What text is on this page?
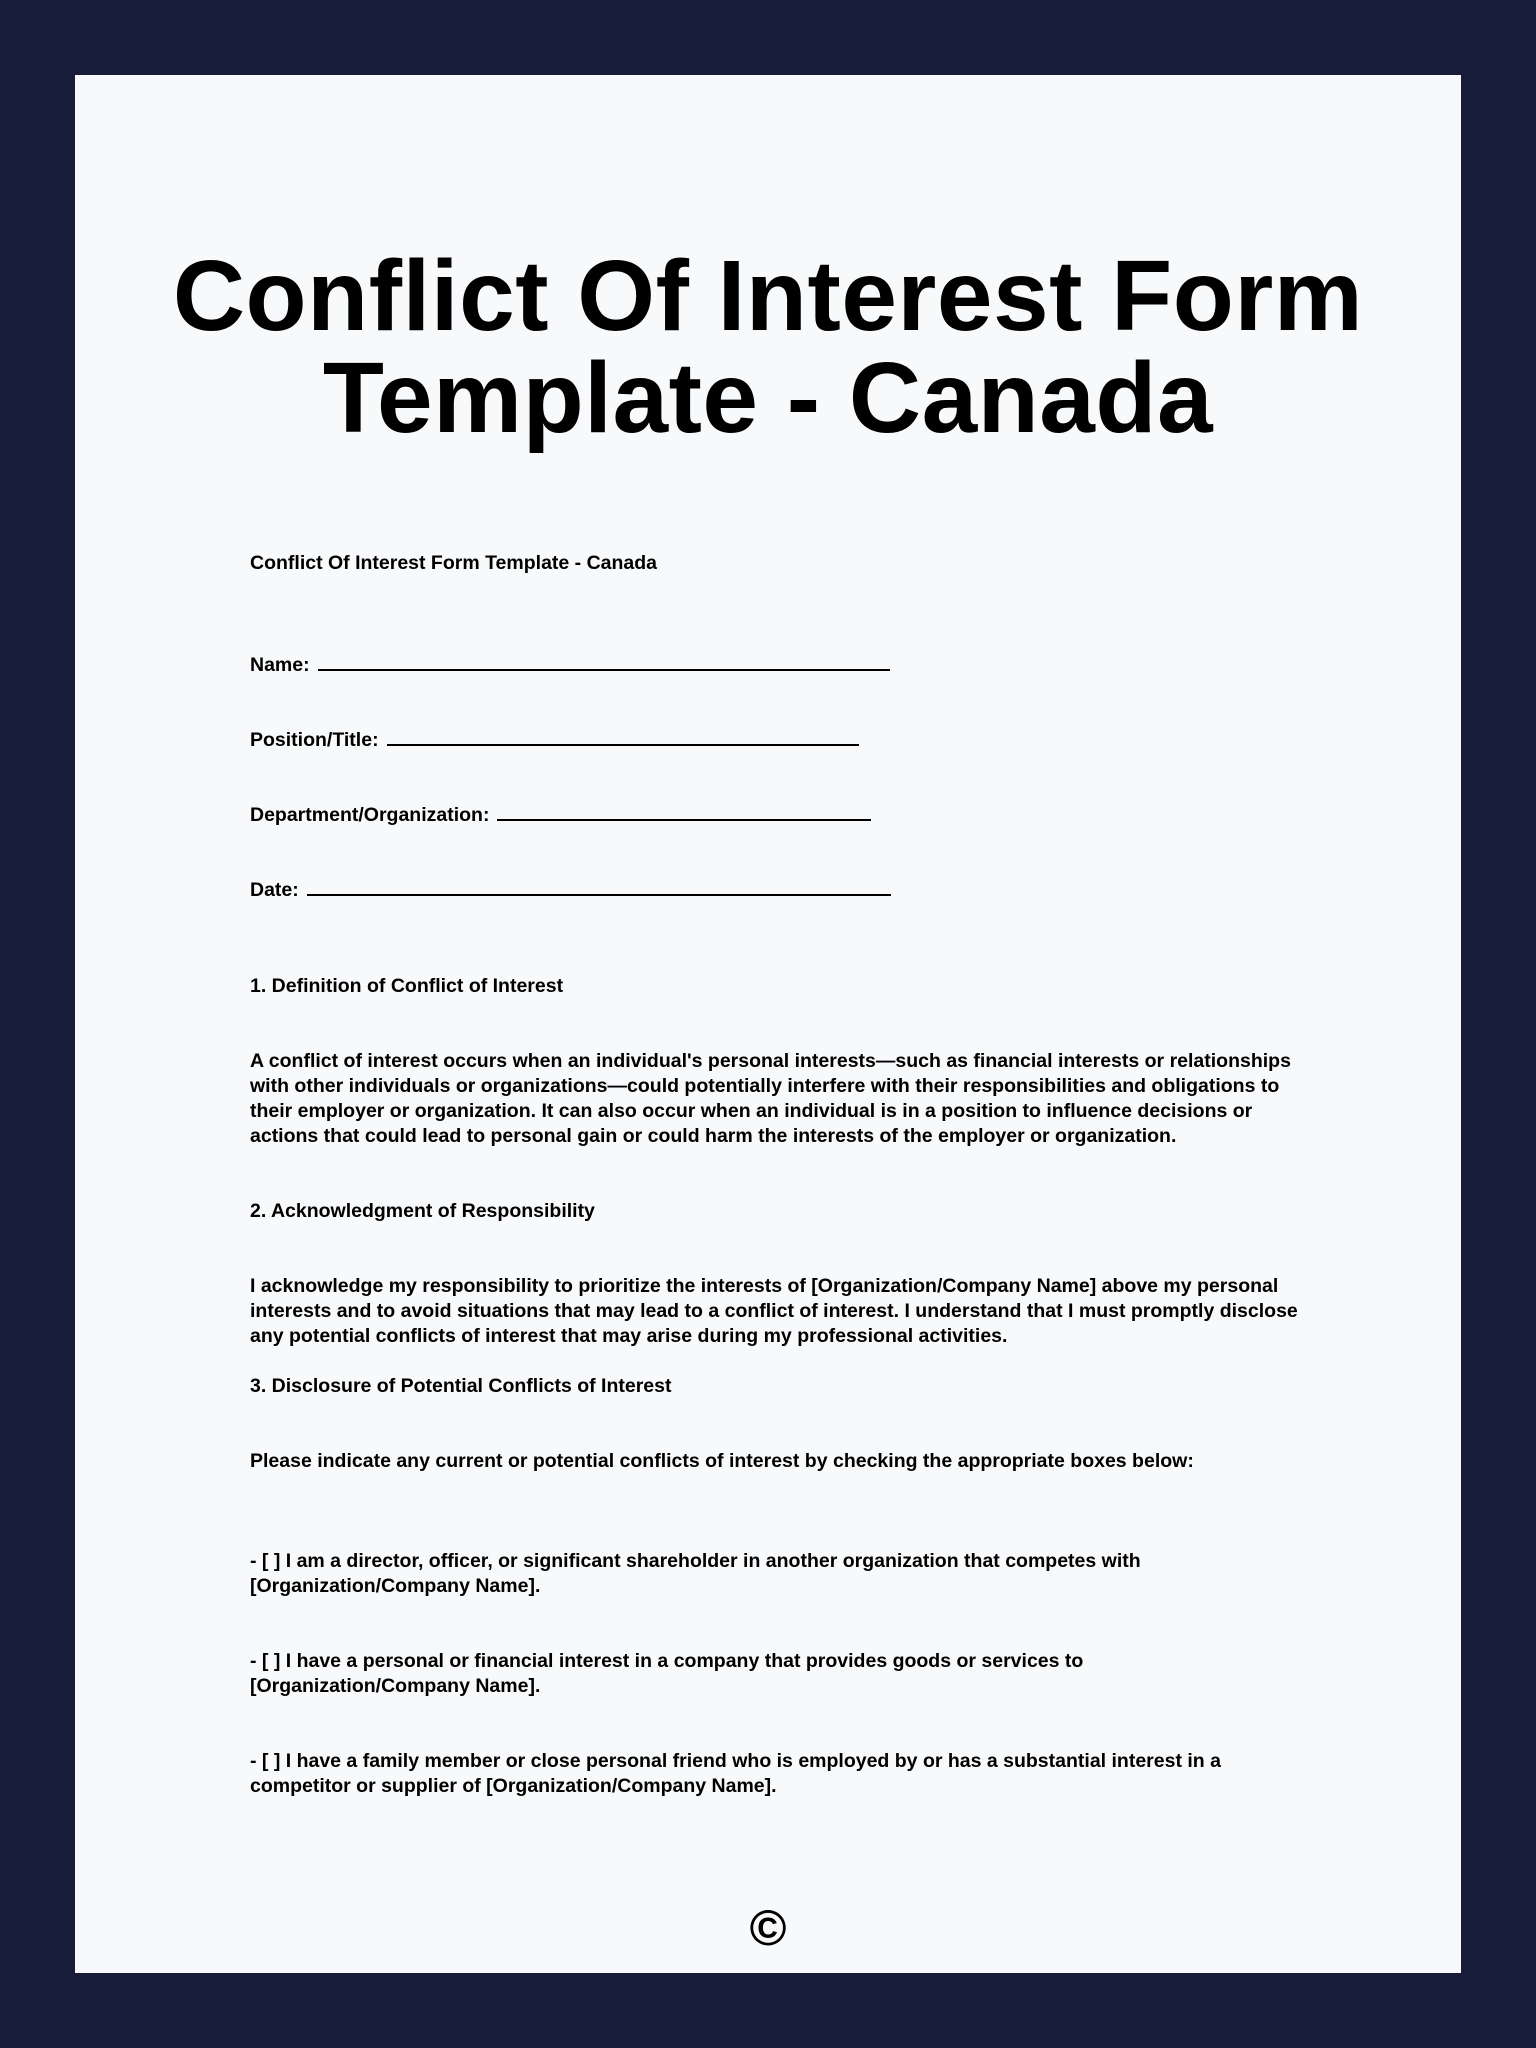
Conflict Of Interest Form Template - Canada

Conflict Of Interest Form Template - Canada

Name:
Position/Title:
Department/Organization:
Date:

1. Definition of Conflict of Interest

A conflict of interest occurs when an individual's personal interests—such as financial interests or relationships with other individuals or organizations—could potentially interfere with their responsibilities and obligations to their employer or organization. It can also occur when an individual is in a position to influence decisions or actions that could lead to personal gain or could harm the interests of the employer or organization.

2. Acknowledgment of Responsibility

I acknowledge my responsibility to prioritize the interests of [Organization/Company Name] above my personal interests and to avoid situations that may lead to a conflict of interest. I understand that I must promptly disclose any potential conflicts of interest that may arise during my professional activities.

3. Disclosure of Potential Conflicts of Interest

Please indicate any current or potential conflicts of interest by checking the appropriate boxes below:

- [ ] I am a director, officer, or significant shareholder in another organization that competes with [Organization/Company Name].

- [ ] I have a personal or financial interest in a company that provides goods or services to [Organization/Company Name].

- [ ] I have a family member or close personal friend who is employed by or has a substantial interest in a competitor or supplier of [Organization/Company Name].

©
